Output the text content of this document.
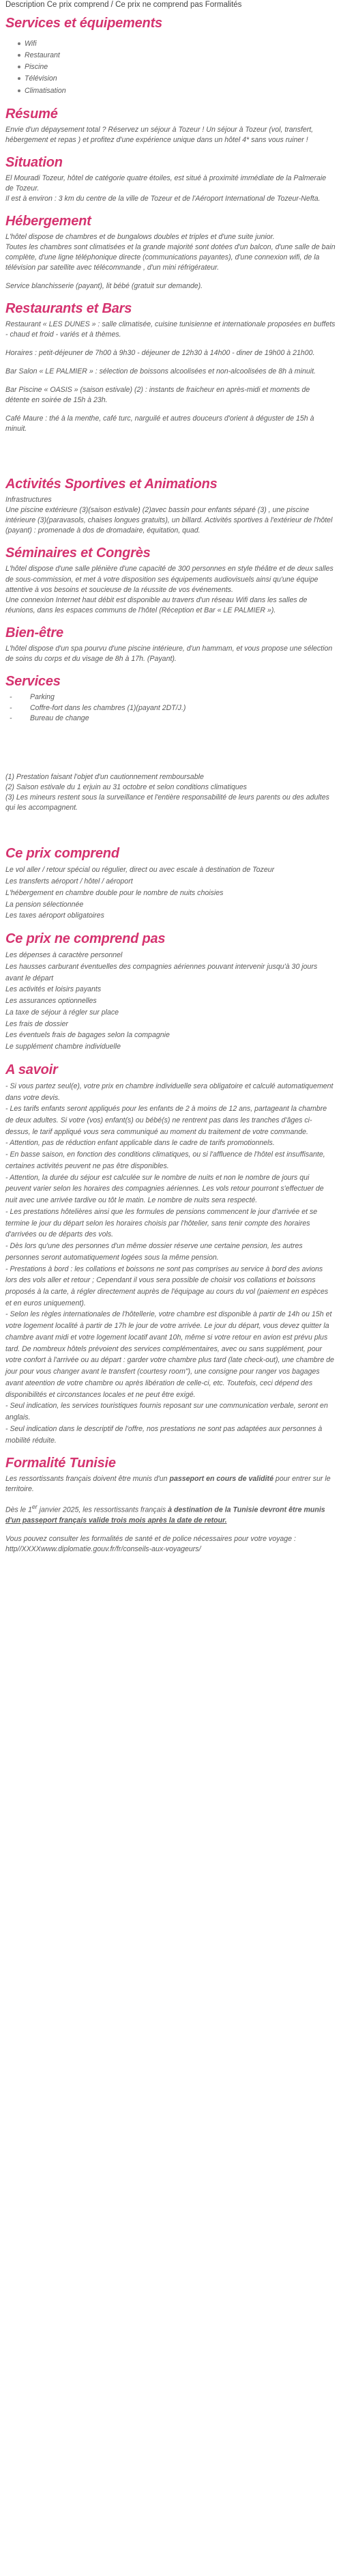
Description Ce prix comprend / Ce prix ne comprend pas Formalités
Services et équipements
Wifi
Restaurant
Piscine
Télévision
Climatisation
Résumé

Envie d'un dépaysement total ? Réservez un séjour à Tozeur ! Un séjour à Tozeur (vol, transfert, hébergement et repas ) et profitez d'une expérience unique dans un hôtel 4* sans vous ruiner !

Situation

El Mouradi Tozeur, hôtel de catégorie quatre étoiles, est situé à proximité immédiate de la Palmeraie de Tozeur.
Il est à environ : 3 km du centre de la ville de Tozeur et de l'Aéroport International de Tozeur-Nefta.

Hébergement

L'hôtel dispose de chambres et de bungalows doubles et triples et d'une suite junior.
Toutes les chambres sont climatisées et la grande majorité sont dotées d'un balcon, d'une salle de bain complète, d'une ligne téléphonique directe (communications payantes), d'une connexion wifi, de la télévision par satellite avec télécommande , d'un mini réfrigérateur.

Service blanchisserie (payant), lit bébé (gratuit sur demande).

Restaurants et Bars

Restaurant « LES DUNES » : salle climatisée, cuisine tunisienne et internationale proposées en buffets - chaud et froid - variés et à thèmes.

Horaires : petit-déjeuner de 7h00 à 9h30 - déjeuner de 12h30 à 14h00 - diner de 19h00 à 21h00.

Bar Salon « LE PALMIER » : sélection de boissons alcoolisées et non-alcoolisées de 8h à minuit.

Bar Piscine « OASIS » (saison estivale) (2) : instants de fraicheur en après-midi et moments de détente en soirée de 15h à 23h.

Café Maure : thé à la menthe, café turc, narguilé et autres douceurs d'orient à déguster de 15h à minuit.

Activités Sportives et Animations

Infrastructures
Une piscine extérieure (3)(saison estivale) (2)avec bassin pour enfants séparé (3) , une piscine intérieure (3)(paravasols, chaises longues gratuits), un billard. Activités sportives à l'extérieur de l'hôtel (payant) : promenade à dos de dromadaire, équitation, quad.

Séminaires et Congrès

L'hôtel dispose d'une salle plénière d'une capacité de 300 personnes en style théâtre et de deux salles de sous-commission, et met à votre disposition ses équipements audiovisuels ainsi qu'une équipe attentive à vos besoins et soucieuse de la réussite de vos événements.
Une connexion Internet haut débit est disponible au travers d'un réseau Wifi dans les salles de réunions, dans les espaces communs de l'hôtel (Réception et Bar « LE PALMIER »).

Bien-être

L'hôtel dispose d'un spa pourvu d'une piscine intérieure, d'un hammam, et vous propose une sélection de soins du corps et du visage de 8h à 17h. (Payant).

Services
- Parking
- Coffre-fort dans les chambres (1)(payant 2DT/J.)
- Bureau de change

(1) Prestation faisant l'objet d'un cautionnement remboursable
(2) Saison estivale du 1 erjuin au 31 octobre et selon conditions climatiques
(3) Les mineurs restent sous la surveillance et l'entière responsabilité de leurs parents ou des adultes qui les accompagnent.

Ce prix comprend
Le vol aller / retour spécial ou régulier, direct ou avec escale à destination de Tozeur
Les transferts aéroport / hôtel / aéroport
L'hébergement en chambre double pour le nombre de nuits choisies
La pension sélectionnée
Les taxes aéroport obligatoires
Ce prix ne comprend pas
Les dépenses à caractère personnel
Les hausses carburant éventuelles des compagnies aériennes pouvant intervenir jusqu'à 30 jours avant le départ
Les activités et loisirs payants
Les assurances optionnelles
La taxe de séjour à régler sur place
Les frais de dossier
Les éventuels frais de bagages selon la compagnie
Le supplément chambre individuelle
A savoir
- Si vous partez seul(e), votre prix en chambre individuelle sera obligatoire et calculé automatiquement dans votre devis.
- Les tarifs enfants seront appliqués pour les enfants de 2 à moins de 12 ans, partageant la chambre de deux adultes. Si votre (vos) enfant(s) ou bébé(s) ne rentrent pas dans les tranches d'âges ci-dessus, le tarif appliqué vous sera communiqué au moment du traitement de votre commande.
- Attention, pas de réduction enfant applicable dans le cadre de tarifs promotionnels.
- En basse saison, en fonction des conditions climatiques, ou si l'affluence de l'hôtel est insuffisante, certaines activités peuvent ne pas être disponibles.
- Attention, la durée du séjour est calculée sur le nombre de nuits et non le nombre de jours qui peuvent varier selon les horaires des compagnies aériennes. Les vols retour pourront s'effectuer de nuit avec une arrivée tardive ou tôt le matin. Le nombre de nuits sera respecté.
- Les prestations hôtelières ainsi que les formules de pensions commencent le jour d'arrivée et se termine le jour du départ selon les horaires choisis par l'hôtelier, sans tenir compte des horaires d'arrivées ou de départs des vols.
- Dès lors qu'une des personnes d'un même dossier réserve une certaine pension, les autres personnes seront automatiquement logées sous la même pension.
- Prestations à bord : les collations et boissons ne sont pas comprises au service à bord des avions lors des vols aller et retour ; Cependant il vous sera possible de choisir vos collations et boissons proposés à la carte, à régler directement auprès de l'équipage au cours du vol (paiement en espèces et en euros uniquement).
- Selon les règles internationales de l'hôtellerie, votre chambre est disponible à partir de 14h ou 15h et votre logement localité à partir de 17h le jour de votre arrivée. Le jour du départ, vous devez quitter la chambre avant midi et votre logement locatif avant 10h, même si votre retour en avion est prévu plus tard. De nombreux hôtels prévoient des services complémentaires, avec ou sans supplément, pour votre confort à l'arrivée ou au départ : garder votre chambre plus tard (late check-out), une chambre de jour pour vous changer avant le transfert (courtesy room"), une consigne pour ranger vos bagages avant ateention de votre chambre ou après libération de celle-ci, etc. Toutefois, ceci dépend des disponibilités et circonstances locales et ne peut être exigé.
- Seul indication, les services touristiques fournis reposant sur une communication verbale, seront en anglais.
- Seul indication dans le descriptif de l'offre, nos prestations ne sont pas adaptées aux personnes à mobilité réduite.
Formalité Tunisie

Les ressortissants français doivent être munis d'un passeport en cours de validité pour entrer sur le territoire.

Dès le 1er janvier 2025, les ressortissants français à destination de la Tunisie devront être munis d'un passeport français valide trois mois après la date de retour.

Vous pouvez consulter les formalités de santé et de police nécessaires pour votre voyage : http//XXXXwww.diplomatie.gouv.fr/fr/conseils-aux-voyageurs/
